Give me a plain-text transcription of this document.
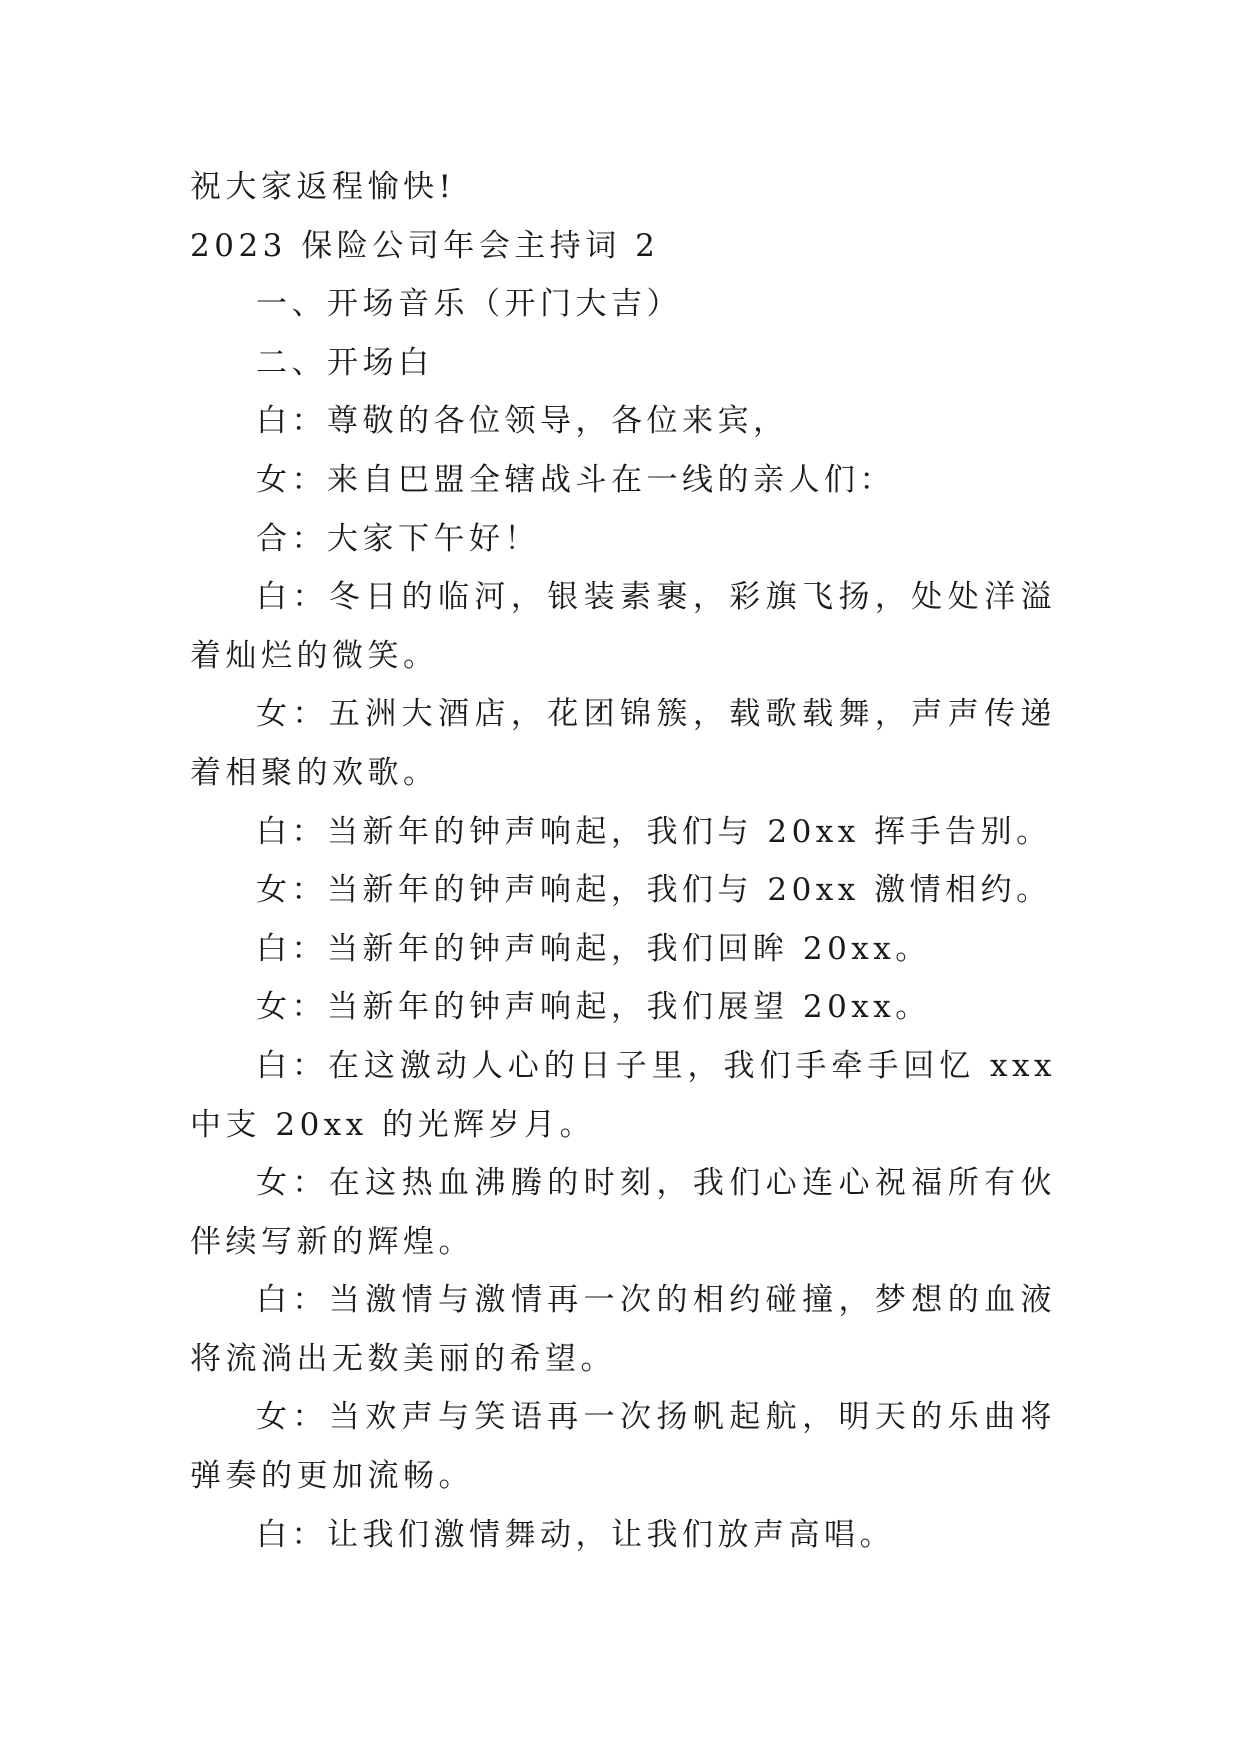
祝大家返程愉快!
2023 保险公司年会主持词 2
一、开场音乐（开门大吉）
二、开场白
白：尊敬的各位领导，各位来宾，
女：来自巴盟全辖战斗在一线的亲人们：
合：大家下午好！
白：冬日的临河，银装素裹，彩旗飞扬，处处洋溢着灿烂的微笑。
女：五洲大酒店，花团锦簇，载歌载舞，声声传递着相聚的欢歌。
白：当新年的钟声响起，我们与 20xx 挥手告别。
女：当新年的钟声响起，我们与 20xx 激情相约。
白：当新年的钟声响起，我们回眸 20xx。
女：当新年的钟声响起，我们展望 20xx。
白：在这激动人心的日子里，我们手牵手回忆 xxx 中支 20xx 的光辉岁月。
女：在这热血沸腾的时刻，我们心连心祝福所有伙伴续写新的辉煌。
白：当激情与激情再一次的相约碰撞，梦想的血液将流淌出无数美丽的希望。
女：当欢声与笑语再一次扬帆起航，明天的乐曲将弹奏的更加流畅。
白：让我们激情舞动，让我们放声高唱。
